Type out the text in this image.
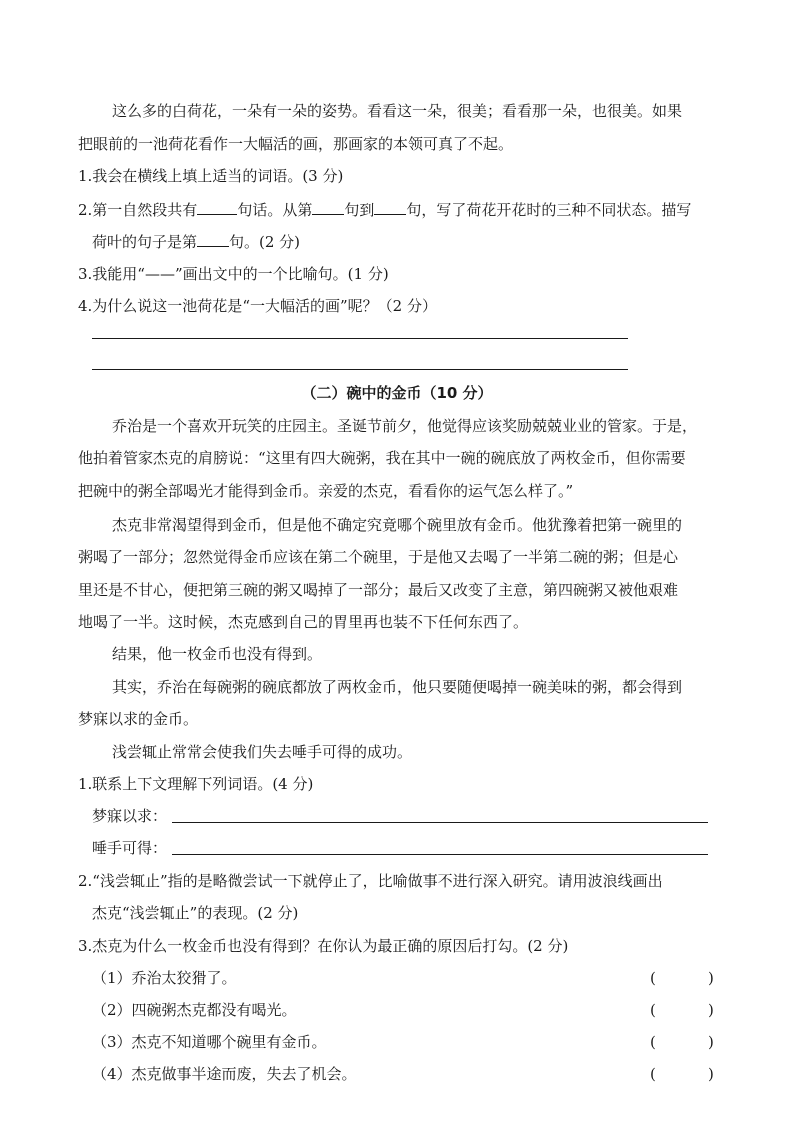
这么多的白荷花，一朵有一朵的姿势。看看这一朵，很美；看看那一朵，也很美。如果
把眼前的一池荷花看作一大幅活的画，那画家的本领可真了不起。
1.我会在横线上填上适当的词语。(3 分)
2.第一自然段共有	句话。从第 句到 句，写了荷花开花时的三种不同状态。描写
荷叶的句子是第 句。(2 分)
3.我能用“——”画出文中的一个比喻句。(1 分)
4.为什么说这一池荷花是“一大幅活的画”呢？（2 分）
（二）碗中的金币（10 分）
乔治是一个喜欢开玩笑的庄园主。圣诞节前夕，他觉得应该奖励兢兢业业的管家。于是，
他拍着管家杰克的肩膀说：“这里有四大碗粥，我在其中一碗的碗底放了两枚金币，但你需要
把碗中的粥全部喝光才能得到金币。亲爱的杰克，看看你的运气怎么样了。”
杰克非常渴望得到金币，但是他不确定究竟哪个碗里放有金币。他犹豫着把第一碗里的
粥喝了一部分；忽然觉得金币应该在第二个碗里，于是他又去喝了一半第二碗的粥；但是心
里还是不甘心，便把第三碗的粥又喝掉了一部分；最后又改变了主意，第四碗粥又被他艰难
地喝了一半。这时候，杰克感到自己的胃里再也装不下任何东西了。
结果，他一枚金币也没有得到。
其实，乔治在每碗粥的碗底都放了两枚金币，他只要随便喝掉一碗美味的粥，都会得到
梦寐以求的金币。
浅尝辄止常常会使我们失去唾手可得的成功。
1.联系上下文理解下列词语。(4 分)
梦寐以求：
唾手可得：
2.“浅尝辄止”指的是略微尝试一下就停止了，比喻做事不进行深入研究。请用波浪线画出
杰克“浅尝辄止”的表现。(2 分)
3.杰克为什么一枚金币也没有得到？在你认为最正确的原因后打勾。(2 分)
（1）乔治太狡猾了。	(	)
（2）四碗粥杰克都没有喝光。	(	)
（3）杰克不知道哪个碗里有金币。	(	)
（4）杰克做事半途而废，失去了机会。	(	)
